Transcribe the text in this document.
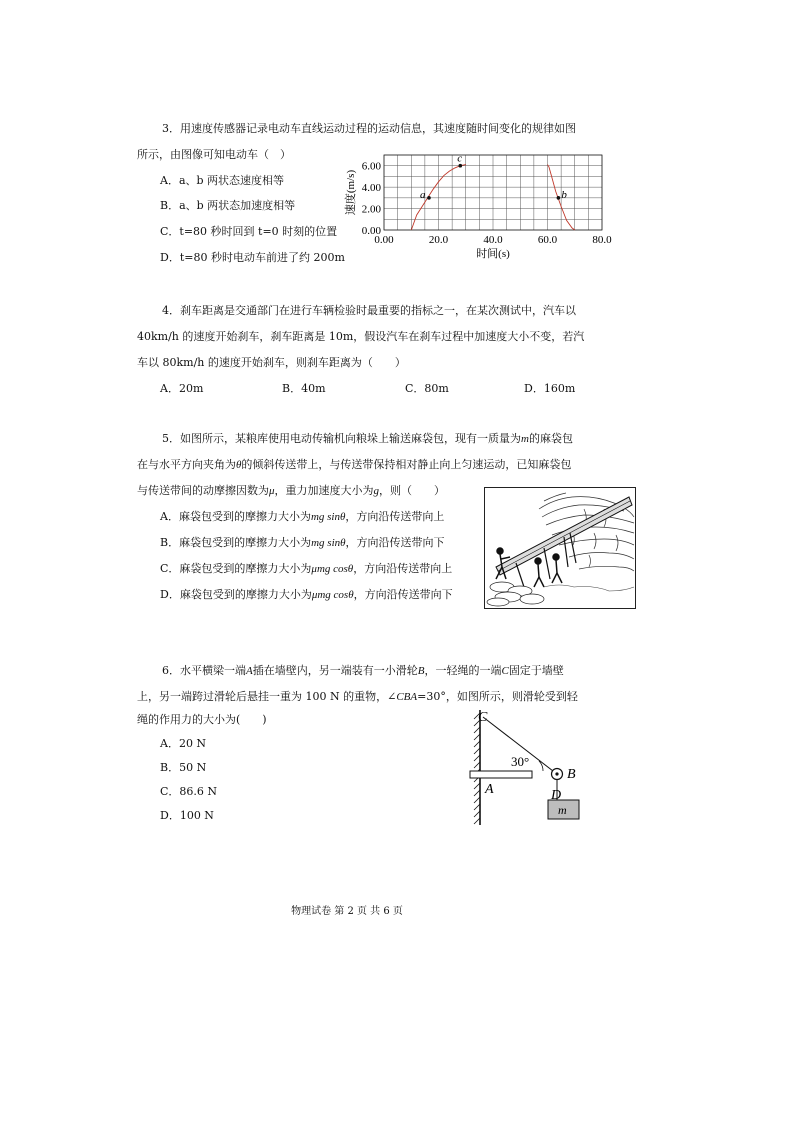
3．用速度传感器记录电动车直线运动过程的运动信息，其速度随时间变化的规律如图
所示，由图像可知电动车（　）
A．a、b 两状态速度相等
B．a、b 两状态加速度相等
C．t=80 秒时回到 t=0 时刻的位置
D．t=80 秒时电动车前进了约 200m
0.00	20.0	40.0	60.0	80.0
0.00
2.00
4.00
6.00
时间(s)
速度(m/s)	a
c
b
4．刹车距离是交通部门在进行车辆检验时最重要的指标之一，在某次测试中，汽车以
40km/h 的速度开始刹车，刹车距离是 10m，假设汽车在刹车过程中加速度大小不变，若汽
车以 80km/h 的速度开始刹车，则刹车距离为（　　）
A．20m	B．40m	C．80m	D．160m
5．如图所示，某粮库使用电动传输机向粮垛上输送麻袋包，现有一质量为m的麻袋包
在与水平方向夹角为θ的倾斜传送带上，与传送带保持相对静止向上匀速运动，已知麻袋包
与传送带间的动摩擦因数为μ，重力加速度大小为g，则（　　）
A．麻袋包受到的摩擦力大小为mg sinθ，方向沿传送带向上
B．麻袋包受到的摩擦力大小为mg sinθ，方向沿传送带向下
C．麻袋包受到的摩擦力大小为μmg cosθ，方向沿传送带向上
D．麻袋包受到的摩擦力大小为μmg cosθ，方向沿传送带向下
6．水平横梁一端A插在墙壁内，另一端装有一小滑轮B，一轻绳的一端C固定于墙壁
上，另一端跨过滑轮后悬挂一重为 100 N 的重物，∠CBA=30°，如图所示，则滑轮受到轻
绳的作用力的大小为(　　)
A．20 N
B．50 N
C．86.6 N
D．100 N
C
A
B
D
m
30°
物理试卷 第 2 页 共 6 页
